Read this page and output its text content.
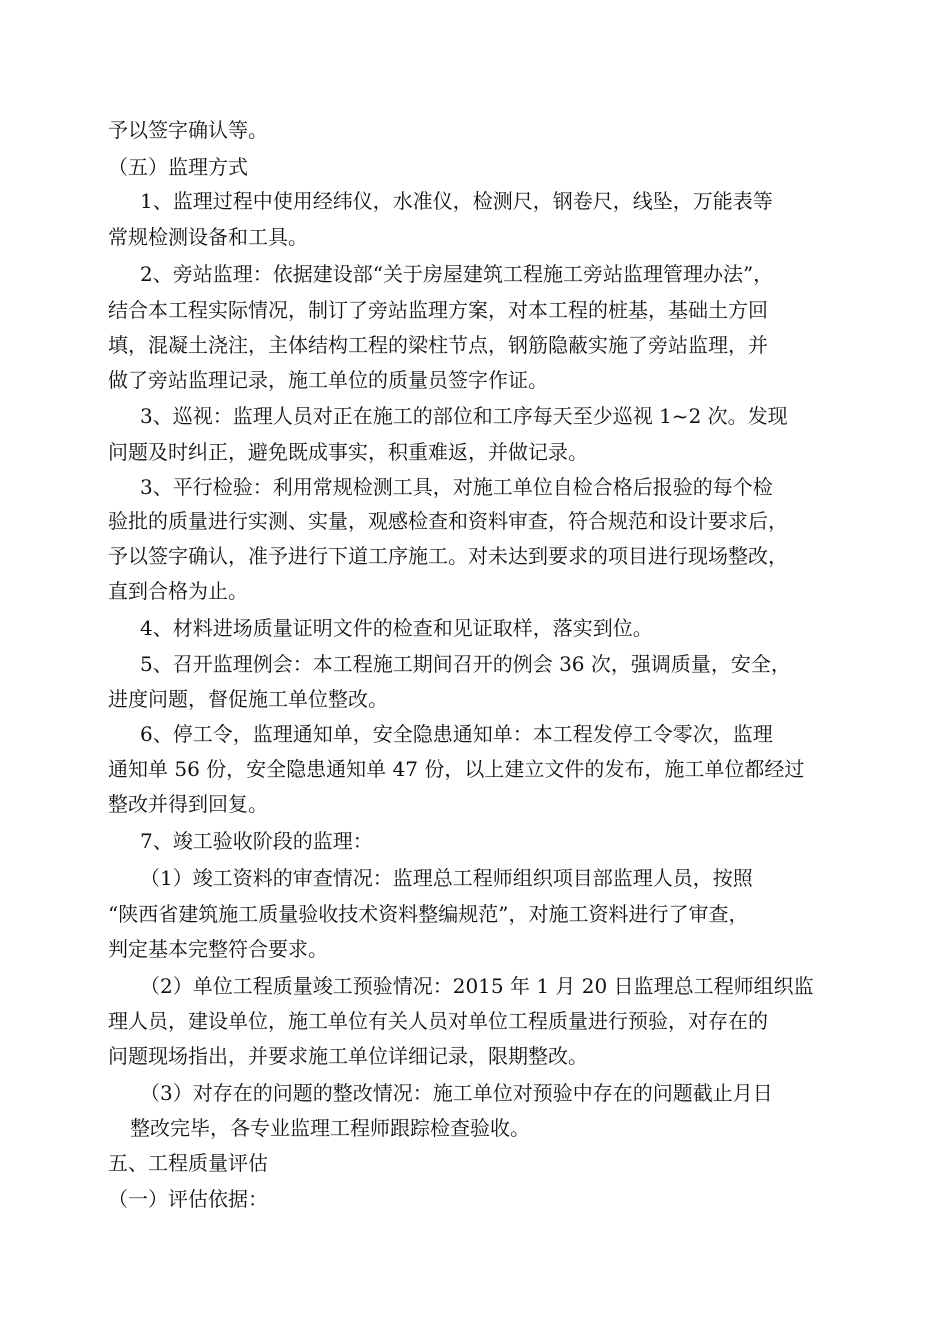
予以签字确认等。
（五）监理方式
1、监理过程中使用经纬仪，水准仪，检测尺，钢卷尺，线坠，万能表等
常规检测设备和工具。
2、旁站监理：依据建设部“关于房屋建筑工程施工旁站监理管理办法”，
结合本工程实际情况，制订了旁站监理方案，对本工程的桩基，基础土方回
填，混凝土浇注，主体结构工程的梁柱节点，钢筋隐蔽实施了旁站监理，并
做了旁站监理记录，施工单位的质量员签字作证。
3、巡视：监理人员对正在施工的部位和工序每天至少巡视 1~2 次。发现
问题及时纠正，避免既成事实，积重难返，并做记录。
3、平行检验：利用常规检测工具，对施工单位自检合格后报验的每个检
验批的质量进行实测、实量，观感检查和资料审查，符合规范和设计要求后，
予以签字确认，准予进行下道工序施工。对未达到要求的项目进行现场整改，
直到合格为止。
4、材料进场质量证明文件的检查和见证取样，落实到位。
5、召开监理例会：本工程施工期间召开的例会 36 次，强调质量，安全，
进度问题，督促施工单位整改。
6、停工令，监理通知单，安全隐患通知单：本工程发停工令零次，监理
通知单 56 份，安全隐患通知单 47 份，以上建立文件的发布，施工单位都经过
整改并得到回复。
7、竣工验收阶段的监理：
（1）竣工资料的审查情况：监理总工程师组织项目部监理人员，按照
“陕西省建筑施工质量验收技术资料整编规范”，对施工资料进行了审查，
判定基本完整符合要求。
（2）单位工程质量竣工预验情况：2015 年 1 月 20 日监理总工程师组织监
理人员，建设单位，施工单位有关人员对单位工程质量进行预验，对存在的
问题现场指出，并要求施工单位详细记录，限期整改。
（3）对存在的问题的整改情况：施工单位对预验中存在的问题截止月日
整改完毕，各专业监理工程师跟踪检查验收。
五、工程质量评估
（一）评估依据：
